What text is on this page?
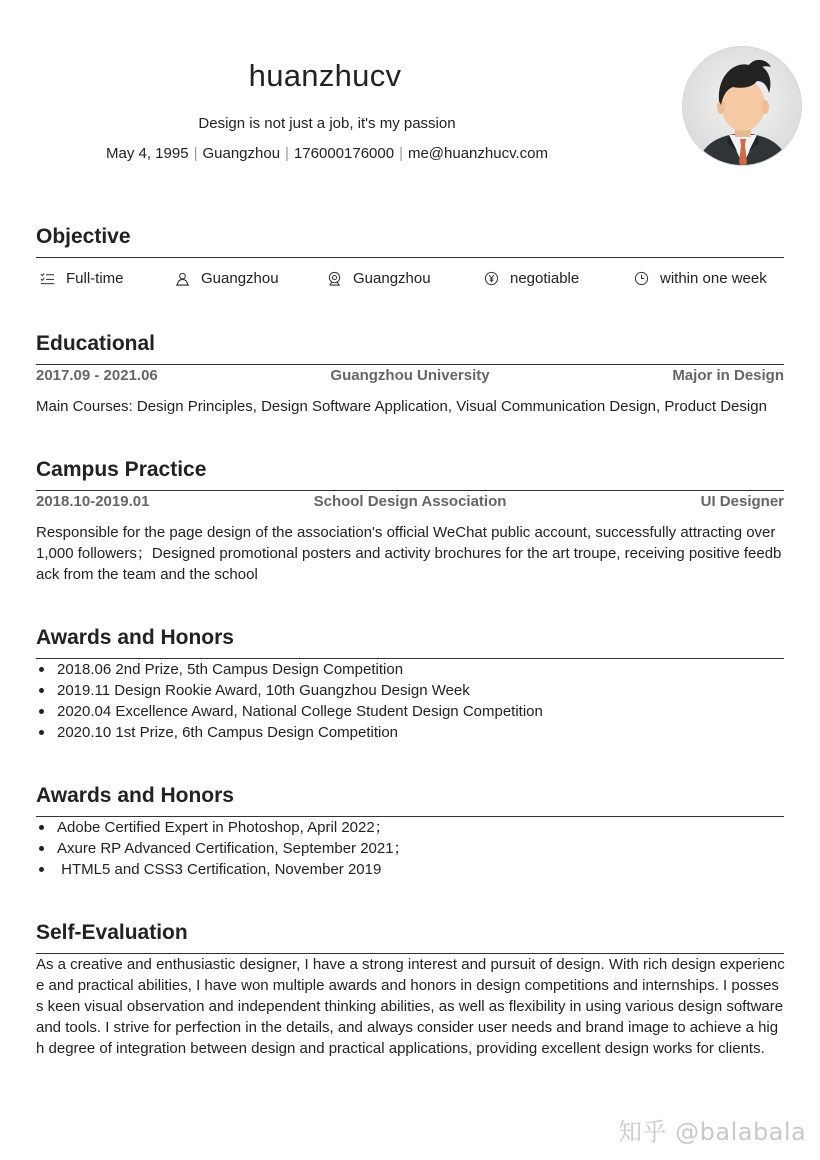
huanzhucv
Design is not just a job, it's my passion
May 4, 1995 | Guangzhou | 176000176000 | me@huanzhucv.com
Objective
Full-time	Guangzhou	Guangzhou	negotiable	within one week
Educational
2017.09 - 2021.06	Guangzhou University	Major in Design
Main Courses: Design Principles, Design Software Application, Visual Communication Design, Product Design
Campus Practice
2018.10-2019.01	School Design Association	UI Designer
Responsible for the page design of the association's official WeChat public account, successfully attracting over 1,000 followers；Designed promotional posters and activity brochures for the art troupe, receiving positive feedback from the team and the school
Awards and Honors
2018.06 2nd Prize, 5th Campus Design Competition
2019.11 Design Rookie Award, 10th Guangzhou Design Week
2020.04 Excellence Award, National College Student Design Competition
2020.10 1st Prize, 6th Campus Design Competition
Awards and Honors
Adobe Certified Expert in Photoshop, April 2022；
Axure RP Advanced Certification, September 2021；
HTML5 and CSS3 Certification, November 2019
Self-Evaluation
As a creative and enthusiastic designer, I have a strong interest and pursuit of design. With rich design experience and practical abilities, I have won multiple awards and honors in design competitions and internships. I possess keen visual observation and independent thinking abilities, as well as flexibility in using various design software and tools. I strive for perfection in the details, and always consider user needs and brand image to achieve a high degree of integration between design and practical applications, providing excellent design works for clients.
知乎 @balabala
